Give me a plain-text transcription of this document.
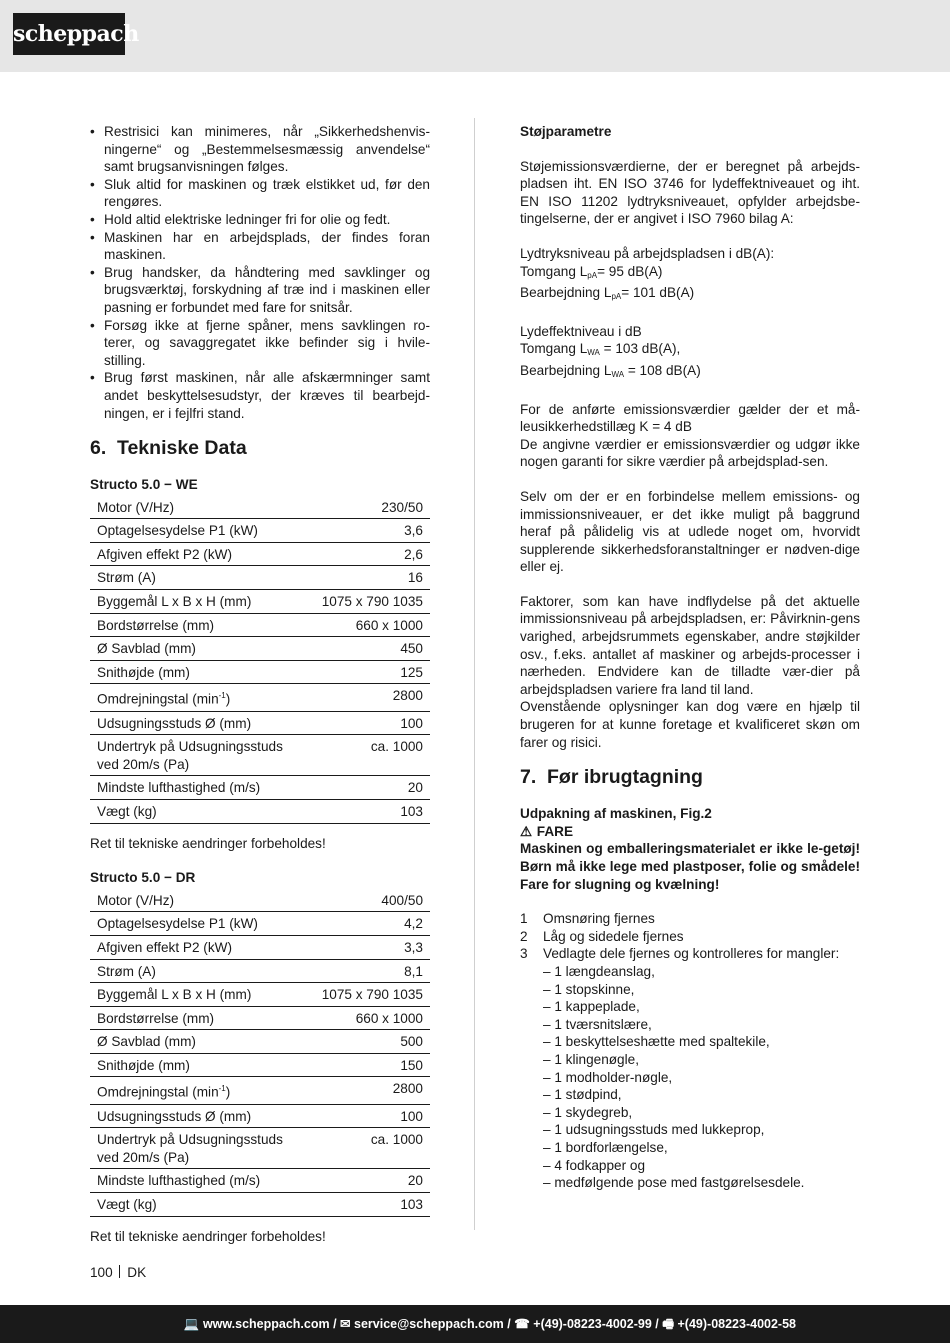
scheppach
• Restrisici kan minimeres, når „Sikkerhedshenvis-ningerne“ og „Bestemmelsesmæssig anvendelse“ samt brugsanvisningen følges.
• Sluk altid for maskinen og træk elstikket ud, før den rengøres.
• Hold altid elektriske ledninger fri for olie og fedt.
• Maskinen har en arbejdsplads, der findes foran maskinen.
• Brug handsker, da håndtering med savklinger og brugsværktøj, forskydning af træ ind i maskinen eller pasning er forbundet med fare for snitsår.
• Forsøg ikke at fjerne spåner, mens savklingen ro-terer, og savaggregatet ikke befinder sig i hvile-stilling.
• Brug først maskinen, når alle afskærmninger samt andet beskyttelsesudstyr, der kræves til bearbejd-ningen, er i fejlfri stand.
6. Tekniske Data
Structo 5.0 − WE
Motor (V/Hz)	230/50
Optagelsesydelse P1 (kW)	3,6
Afgiven effekt P2 (kW)	2,6
Strøm (A)	16
Byggemål L x B x H (mm)	1075 x 790 1035
Bordstørrelse (mm)	660 x 1000
Ø Savblad (mm)	450
Snithøjde (mm)	125
Omdrejningstal $(\min^{-1})$	2800
Udsugningsstuds Ø (mm)	100
Undertryk på Udsugningsstuds
ved 20m/s (Pa)	ca. 1000
Mindste lufthastighed (m/s)	20
Vægt (kg)	103
Ret til tekniske aendringer forbeholdes!
Structo 5.0 − DR
Motor (V/Hz)	400/50
Optagelsesydelse P1 (kW)	4,2
Afgiven effekt P2 (kW)	3,3
Strøm (A)	8,1
Byggemål L x B x H (mm)	1075 x 790 1035
Bordstørrelse (mm)	660 x 1000
Ø Savblad (mm)	500
Snithøjde (mm)	150
Omdrejningstal $(\min^{-1})$	2800
Udsugningsstuds Ø (mm)	100
Undertryk på Udsugningsstuds
ved 20m/s (Pa)	ca. 1000
Mindste lufthastighed (m/s)	20
Vægt (kg)	103
Ret til tekniske aendringer forbeholdes!
Støjparametre
Støjemissionsværdierne, der er beregnet på arbejds-pladsen iht. EN ISO 3746 for lydeffektniveauet og iht. EN ISO 11202 lydtryksniveauet, opfylder arbejdsbe-tingelserne, der er angivet i ISO 7960 bilag A:
Lydtryksniveau på arbejdspladsen i dB(A):
Tomgang LpA= 95 dB(A)
Bearbejdning LpA= 101 dB(A)
Lydeffektniveau i dB
Tomgang LWA = 103 dB(A),
Bearbejdning LWA = 108 dB(A)
For de anførte emissionsværdier gælder der et må-leusikkerhedstillæg K = 4 dB
De angivne værdier er emissionsværdier og udgør ikke nogen garanti for sikre værdier på arbejdsplad-sen.
Selv om der er en forbindelse mellem emissions- og immissionsniveauer, er det ikke muligt på baggrund heraf på pålidelig vis at udlede noget om, hvorvidt supplerende sikkerhedsforanstaltninger er nødven-dige eller ej.
Faktorer, som kan have indflydelse på det aktuelle immissionsniveau på arbejdspladsen, er: Påvirknin-gens varighed, arbejdsrummets egenskaber, andre støjkilder osv., f.eks. antallet af maskiner og arbejds-processer i nærheden. Endvidere kan de tilladte vær-dier på arbejdspladsen variere fra land til land.
Ovenstående oplysninger kan dog være en hjælp til brugeren for at kunne foretage et kvalificeret skøn om farer og risici.
7. Før ibrugtagning
Udpakning af maskinen, Fig.2
⚠ FARE
Maskinen og emballeringsmaterialet er ikke le-getøj! Børn må ikke lege med plastposer, folie og smådele! Fare for slugning og kvælning!
1 Omsnøring fjernes
2 Låg og sidedele fjernes
3 Vedlagte dele fjernes og kontrolleres for mangler:
– 1 længdeanslag,
– 1 stopskinne,
– 1 kappeplade,
– 1 tværsnitslære,
– 1 beskyttelseshætte med spaltekile,
– 1 klingenøgle,
– 1 modholder-nøgle,
– 1 stødpind,
– 1 skydegreb,
– 1 udsugningsstuds med lukkeprop,
– 1 bordforlængelse,
– 4 fodkapper og
– medfølgende pose med fastgørelsesdele.
100 DK
💻 www.scheppach.com / ✉ service@scheppach.com / ☎ +(49)-08223-4002-99 / 🖷 +(49)-08223-4002-58
